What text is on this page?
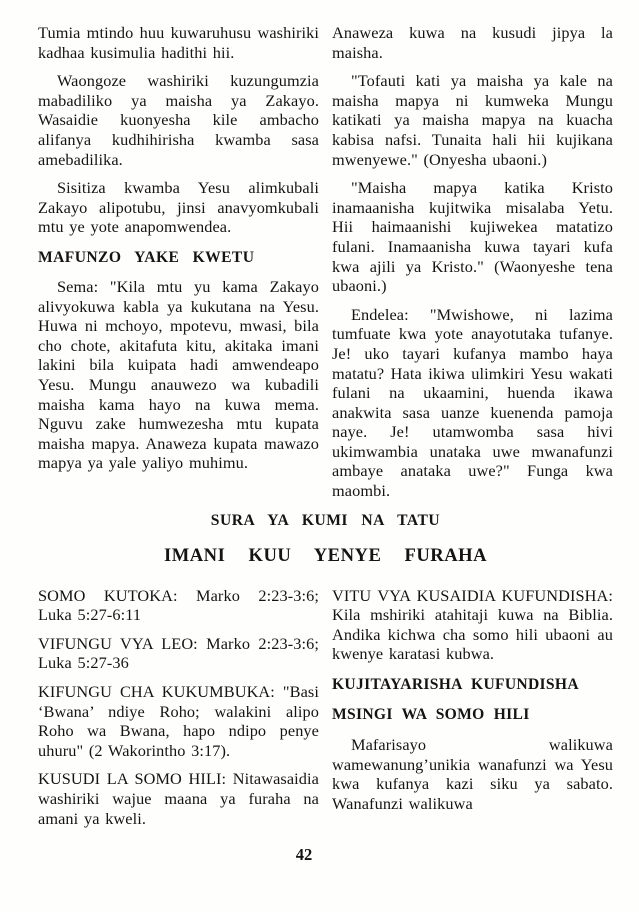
Tumia mtindo huu kuwaruhusu washiriki kadhaa kusimulia hadithi hii.

Waongoze washiriki kuzungumzia mabadiliko ya maisha ya Zakayo. Wasaidie kuonyesha kile ambacho alifanya kudhihirisha kwamba sasa amebadilika.

Sisitiza kwamba Yesu alimkubali Zakayo alipotubu, jinsi anavyomkubali mtu ye yote anapomwendea.

MAFUNZO YAKE KWETU

Sema: "Kila mtu yu kama Zakayo alivyokuwa kabla ya kukutana na Yesu. Huwa ni mchoyo, mpotevu, mwasi, bila cho chote, akitafuta kitu, akitaka imani lakini bila kuipata hadi amwendeapo Yesu. Mungu anauwezo wa kubadili maisha kama hayo na kuwa mema. Nguvu zake humwezesha mtu kupata maisha mapya. Anaweza kupata mawazo mapya ya yale yaliyo muhimu.

Anaweza kuwa na kusudi jipya la maisha.

"Tofauti kati ya maisha ya kale na maisha mapya ni kumweka Mungu katikati ya maisha mapya na kuacha kabisa nafsi. Tunaita hali hii kujikana mwenyewe." (Onyesha ubaoni.)

"Maisha mapya katika Kristo inamaanisha kujitwika misalaba Yetu. Hii haimaanishi kujiwekea matatizo fulani. Inamaanisha kuwa tayari kufa kwa ajili ya Kristo." (Waonyeshe tena ubaoni.)

Endelea: "Mwishowe, ni lazima tumfuate kwa yote anayotutaka tufanye. Je! uko tayari kufanya mambo haya matatu? Hata ikiwa ulimkiri Yesu wakati fulani na ukaamini, huenda ikawa anakwita sasa uanze kuenenda pamoja naye. Je! utamwomba sasa hivi ukimwambia unataka uwe mwanafunzi ambaye anataka uwe?" Funga kwa maombi.

SURA YA KUMI NA TATU
IMANI KUU YENYE FURAHA

SOMO KUTOKA: Marko 2:23-3:6; Luka 5:27-6:11

VIFUNGU VYA LEO: Marko 2:23-3:6; Luka 5:27-36

KIFUNGU CHA KUKUMBUKA: "Basi ‘Bwana’ ndiye Roho; walakini alipo Roho wa Bwana, hapo ndipo penye uhuru" (2 Wakorintho 3:17).

KUSUDI LA SOMO HILI: Nitawasaidia washiriki wajue maana ya furaha na amani ya kweli.

VITU VYA KUSAIDIA KUFUNDISHA: Kila mshiriki atahitaji kuwa na Biblia. Andika kichwa cha somo hili ubaoni au kwenye karatasi kubwa.

KUJITAYARISHA KUFUNDISHA
MSINGI WA SOMO HILI

Mafarisayo walikuwa wamewanung’unikia wanafunzi wa Yesu kwa kufanya kazi siku ya sabato. Wanafunzi walikuwa

42
